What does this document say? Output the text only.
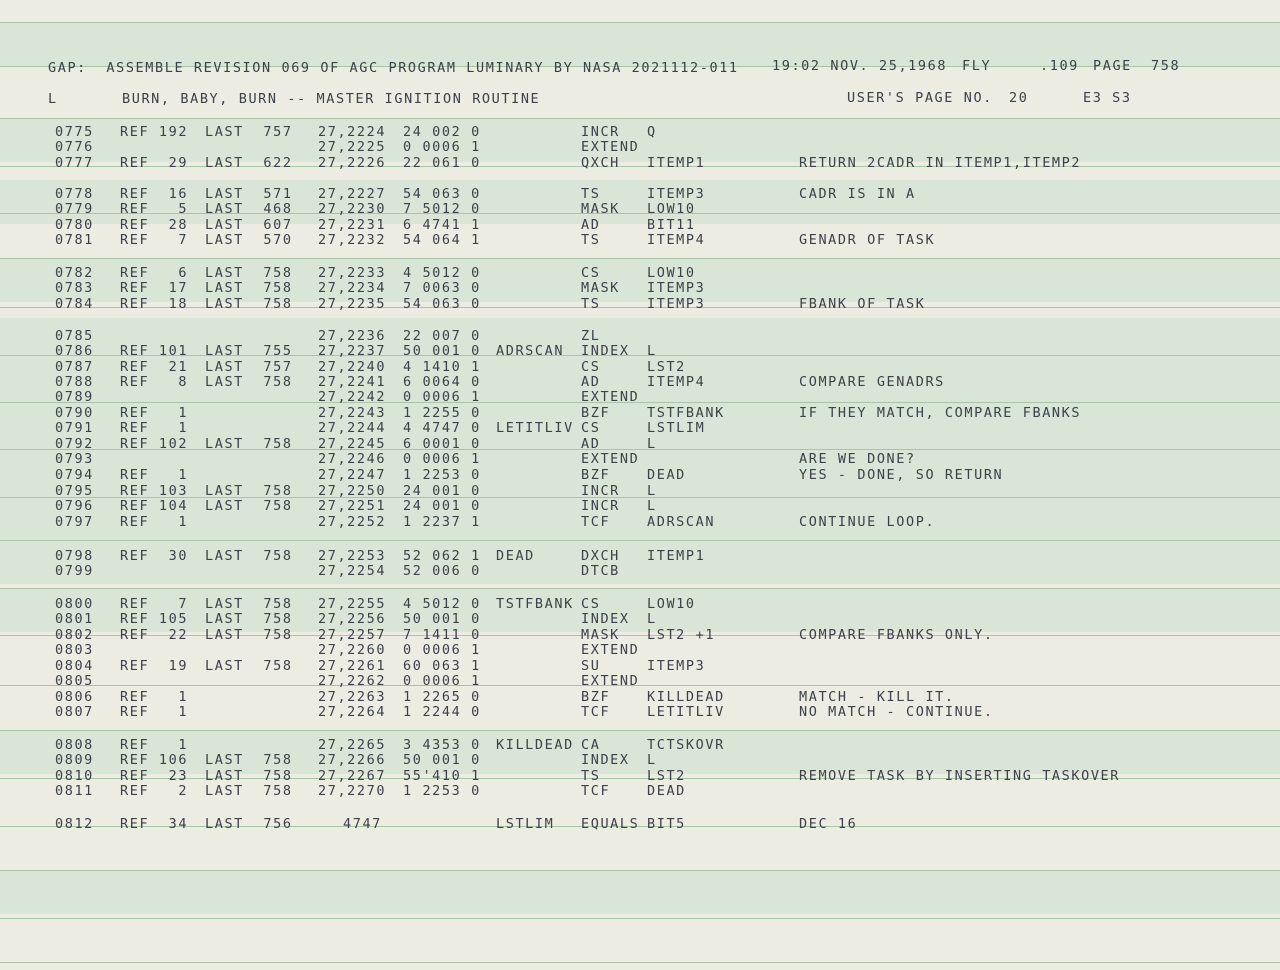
GAP:  ASSEMBLE REVISION 069 OF AGC PROGRAM LUMINARY BY NASA 2021112-011 19:02 NOV. 25,1968 FLY	.109 PAGE 758
L	BURN, BABY, BURN -- MASTER IGNITION ROUTINE	USER'S PAGE NO. 20	E3 S3
0775 REF 192 LAST  757 27,2224 24 002 0	INCR Q
0776	27,2225 0 0006 1	EXTEND
0777 REF  29 LAST  622 27,2226 22 061 0	QXCH ITEMP1	RETURN 2CADR IN ITEMP1,ITEMP2
0778 REF  16 LAST  571 27,2227 54 063 0	TS	ITEMP3	CADR IS IN A
0779 REF   5 LAST  468 27,2230 7 5012 0	MASK LOW10
0780 REF  28 LAST  607 27,2231 6 4741 1	AD	BIT11
0781 REF   7 LAST  570 27,2232 54 064 1	TS	ITEMP4	GENADR OF TASK
0782 REF   6 LAST  758 27,2233 4 5012 0	CS	LOW10
0783 REF  17 LAST  758 27,2234 7 0063 0	MASK ITEMP3
0784 REF  18 LAST  758 27,2235 54 063 0	TS	ITEMP3	FBANK OF TASK
0785	27,2236 22 007 0	ZL
0786 REF 101 LAST  755 27,2237 50 001 0 ADRSCAN INDEX L
0787 REF  21 LAST  757 27,2240 4 1410 1	CS	LST2
0788 REF   8 LAST  758 27,2241 6 0064 0	AD	ITEMP4	COMPARE GENADRS
0789	27,2242 0 0006 1	EXTEND
0790 REF   1	27,2243 1 2255 0	BZF	TSTFBANK	IF THEY MATCH, COMPARE FBANKS
0791 REF   1	27,2244 4 4747 0 LETITLIV CS	LSTLIM
0792 REF 102 LAST  758 27,2245 6 0001 0	AD	L
0793	27,2246 0 0006 1	EXTEND	ARE WE DONE?
0794 REF   1	27,2247 1 2253 0	BZF	DEAD	YES - DONE, SO RETURN
0795 REF 103 LAST  758 27,2250 24 001 0	INCR L
0796 REF 104 LAST  758 27,2251 24 001 0	INCR L
0797 REF   1	27,2252 1 2237 1	TCF	ADRSCAN	CONTINUE LOOP.
0798 REF  30 LAST  758 27,2253 52 062 1 DEAD	DXCH ITEMP1
0799	27,2254 52 006 0	DTCB
0800 REF   7 LAST  758 27,2255 4 5012 0 TSTFBANK CS	LOW10
0801 REF 105 LAST  758 27,2256 50 001 0	INDEX L
0802 REF  22 LAST  758 27,2257 7 1411 0	MASK LST2 +1	COMPARE FBANKS ONLY.
0803	27,2260 0 0006 1	EXTEND
0804 REF  19 LAST  758 27,2261 60 063 1	SU	ITEMP3
0805	27,2262 0 0006 1	EXTEND
0806 REF   1	27,2263 1 2265 0	BZF	KILLDEAD	MATCH - KILL IT.
0807 REF   1	27,2264 1 2244 0	TCF	LETITLIV	NO MATCH - CONTINUE.
0808 REF   1	27,2265 3 4353 0 KILLDEAD CA	TCTSKOVR
0809 REF 106 LAST  758 27,2266 50 001 0	INDEX L
0810 REF  23 LAST  758 27,2267 55'410 1	TS	LST2	REMOVE TASK BY INSERTING TASKOVER
0811 REF   2 LAST  758 27,2270 1 2253 0	TCF	DEAD
0812 REF  34 LAST  756	4747	LSTLIM EQUALS BIT5	DEC 16
